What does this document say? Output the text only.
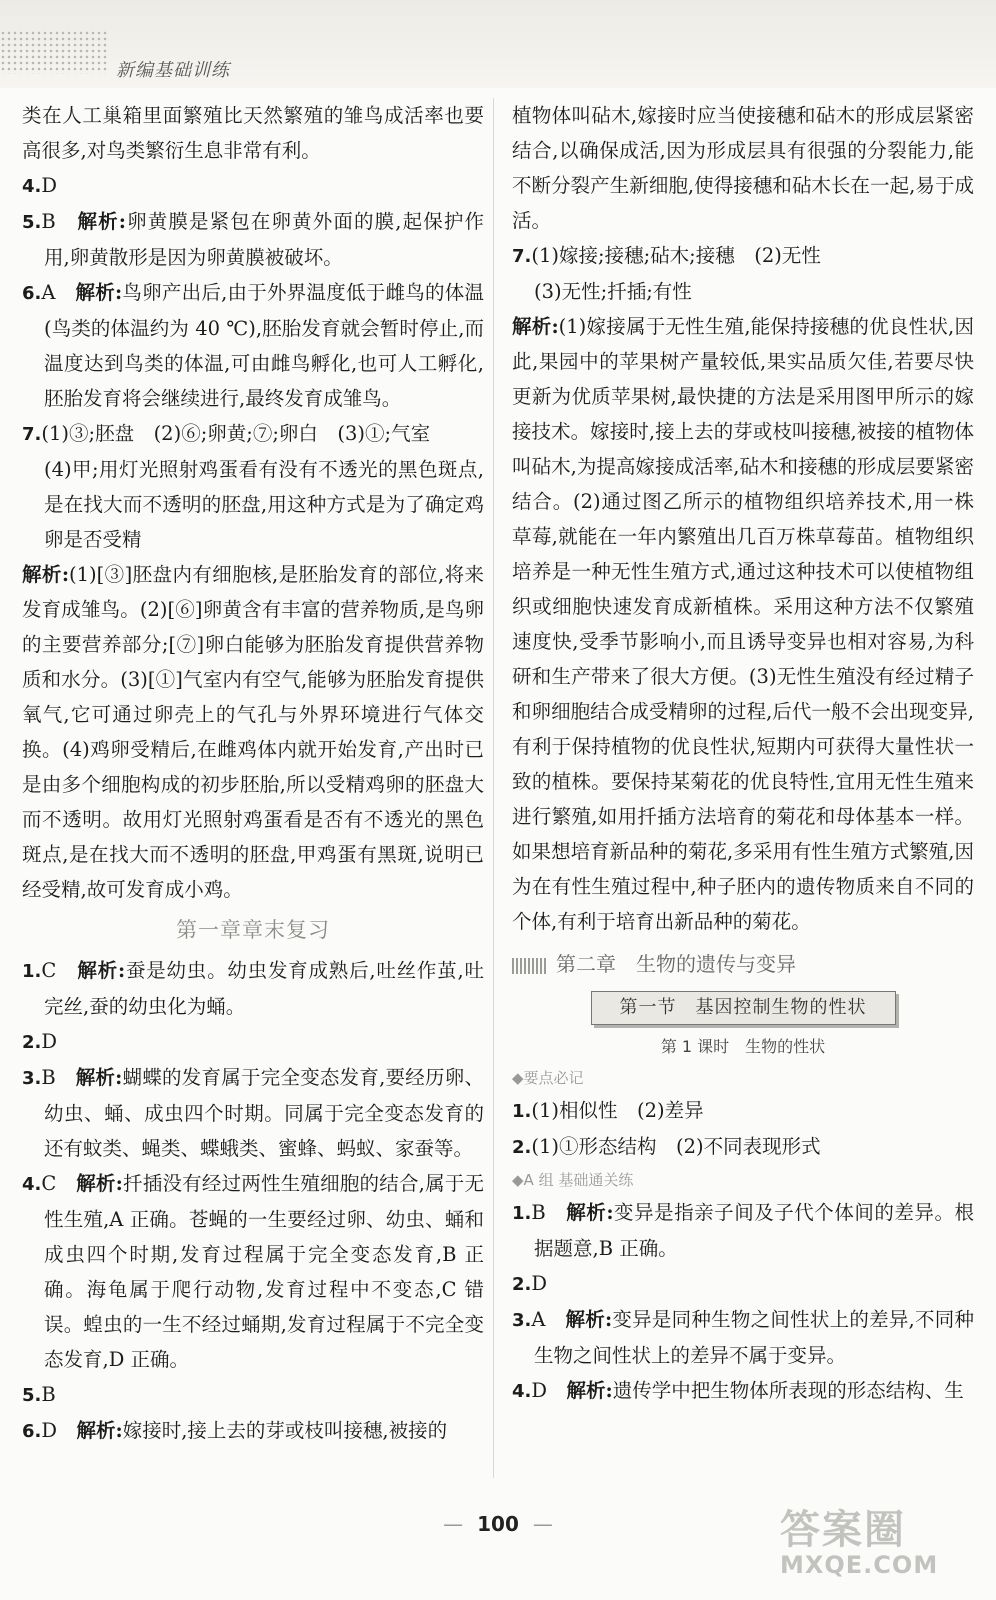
新编基础训练

类在人工巢箱里面繁殖比天然繁殖的雏鸟成活率也要高很多,对鸟类繁衍生息非常有利。

4.D

5.B　 解析:卵黄膜是紧包在卵黄外面的膜,起保护作用,卵黄散形是因为卵黄膜被破坏。

6.A　 解析:鸟卵产出后,由于外界温度低于雌鸟的体温(鸟类的体温约为 40 ℃),胚胎发育就会暂时停止,而温度达到鸟类的体温,可由雌鸟孵化,也可人工孵化,胚胎发育将会继续进行,最终发育成雏鸟。

7.(1)③;胚盘　(2)⑥;卵黄;⑦;卵白　(3)①;气室

(4)甲;用灯光照射鸡蛋看有没有不透光的黑色斑点,是在找大而不透明的胚盘,用这种方式是为了确定鸡卵是否受精

解析:(1)[③]胚盘内有细胞核,是胚胎发育的部位,将来发育成雏鸟。(2)[⑥]卵黄含有丰富的营养物质,是鸟卵的主要营养部分;[⑦]卵白能够为胚胎发育提供营养物质和水分。(3)[①]气室内有空气,能够为胚胎发育提供氧气,它可通过卵壳上的气孔与外界环境进行气体交换。(4)鸡卵受精后,在雌鸡体内就开始发育,产出时已是由多个细胞构成的初步胚胎,所以受精鸡卵的胚盘大而不透明。故用灯光照射鸡蛋看是否有不透光的黑色斑点,是在找大而不透明的胚盘,甲鸡蛋有黑斑,说明已经受精,故可发育成小鸡。

第一章章末复习

1.C　 解析:蚕是幼虫。幼虫发育成熟后,吐丝作茧,吐完丝,蚕的幼虫化为蛹。

2.D

3.B　 解析:蝴蝶的发育属于完全变态发育,要经历卵、幼虫、蛹、成虫四个时期。同属于完全变态发育的还有蚊类、蝇类、蝶蛾类、蜜蜂、蚂蚁、家蚕等。

4.C　 解析:扦插没有经过两性生殖细胞的结合,属于无性生殖,A 正确。苍蝇的一生要经过卵、幼虫、蛹和成虫四个时期,发育过程属于完全变态发育,B 正确。海龟属于爬行动物,发育过程中不变态,C 错误。蝗虫的一生不经过蛹期,发育过程属于不完全变态发育,D 正确。

5.B

6.D　 解析:嫁接时,接上去的芽或枝叫接穗,被接的

植物体叫砧木,嫁接时应当使接穗和砧木的形成层紧密结合,以确保成活,因为形成层具有很强的分裂能力,能不断分裂产生新细胞,使得接穗和砧木长在一起,易于成活。

7.(1)嫁接;接穗;砧木;接穗　(2)无性

(3)无性;扦插;有性

解析:(1)嫁接属于无性生殖,能保持接穗的优良性状,因此,果园中的苹果树产量较低,果实品质欠佳,若要尽快更新为优质苹果树,最快捷的方法是采用图甲所示的嫁接技术。嫁接时,接上去的芽或枝叫接穗,被接的植物体叫砧木,为提高嫁接成活率,砧木和接穗的形成层要紧密结合。(2)通过图乙所示的植物组织培养技术,用一株草莓,就能在一年内繁殖出几百万株草莓苗。植物组织培养是一种无性生殖方式,通过这种技术可以使植物组织或细胞快速发育成新植株。采用这种方法不仅繁殖速度快,受季节影响小,而且诱导变异也相对容易,为科研和生产带来了很大方便。(3)无性生殖没有经过精子和卵细胞结合成受精卵的过程,后代一般不会出现变异,有利于保持植物的优良性状,短期内可获得大量性状一致的植株。要保持某菊花的优良特性,宜用无性生殖来进行繁殖,如用扦插方法培育的菊花和母体基本一样。如果想培育新品种的菊花,多采用有性生殖方式繁殖,因为在有性生殖过程中,种子胚内的遗传物质来自不同的个体,有利于培育出新品种的菊花。

第二章　生物的遗传与变异
第一节　基因控制生物的性状
第 1 课时　生物的性状
◆要点必记

1.(1)相似性　(2)差异

2.(1)①形态结构　(2)不同表现形式

◆A 组 基础通关练

1.B　 解析:变异是指亲子间及子代个体间的差异。根据题意,B 正确。

2.D

3.A　 解析:变异是同种生物之间性状上的差异,不同种生物之间性状上的差异不属于变异。

4.D　 解析:遗传学中把生物体所表现的形态结构、生

— 100 —	答案圈
MXQE.COM
